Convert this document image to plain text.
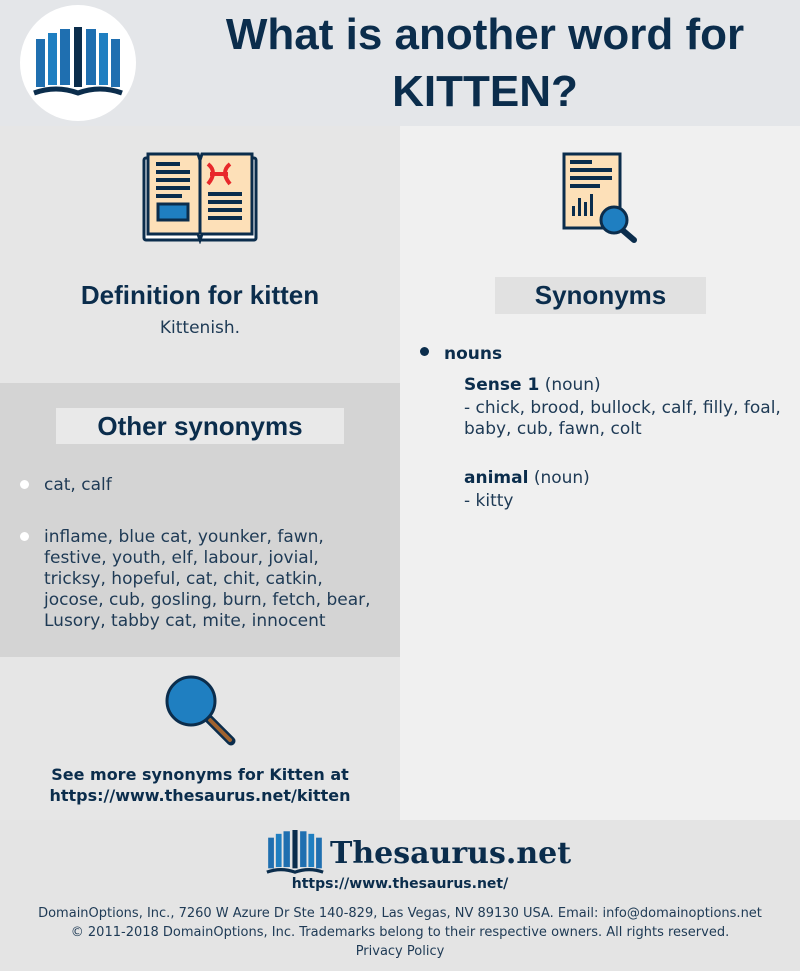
What is another word for
KITTEN?
Definition for kitten
Kittenish.
Other synonyms
cat, calf
inflame, blue cat, younker, fawn, festive, youth, elf, labour, jovial, tricksy, hopeful, cat, chit, catkin, jocose, cub, gosling, burn, fetch, bear, Lusory, tabby cat, mite, innocent
See more synonyms for Kitten at
https://www.thesaurus.net/kitten
Synonyms
nouns
Sense 1 (noun)
- chick, brood, bullock, calf, filly, foal, baby, cub, fawn, colt
animal (noun)
- kitty
Thesaurus.net
https://www.thesaurus.net/
DomainOptions, Inc., 7260 W Azure Dr Ste 140-829, Las Vegas, NV 89130 USA. Email: info@domainoptions.net
© 2011-2018 DomainOptions, Inc. Trademarks belong to their respective owners. All rights reserved.
Privacy Policy
